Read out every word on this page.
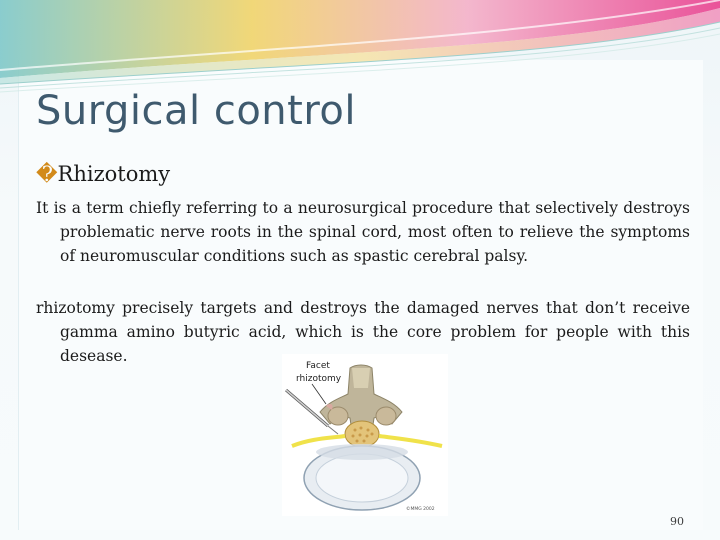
Surgical control
�Rhizotomy

It is a term chiefly referring to a neurosurgical procedure that selectively destroys problematic nerve roots in the spinal cord, most often to relieve the symptoms of neuromuscular conditions such as spastic cerebral palsy.

rhizotomy precisely targets and destroys the damaged nerves that don’t receive gamma amino butyric acid, which is the core problem for people with this desease.

Facet
rhizotomy
©MMG 2002
90
